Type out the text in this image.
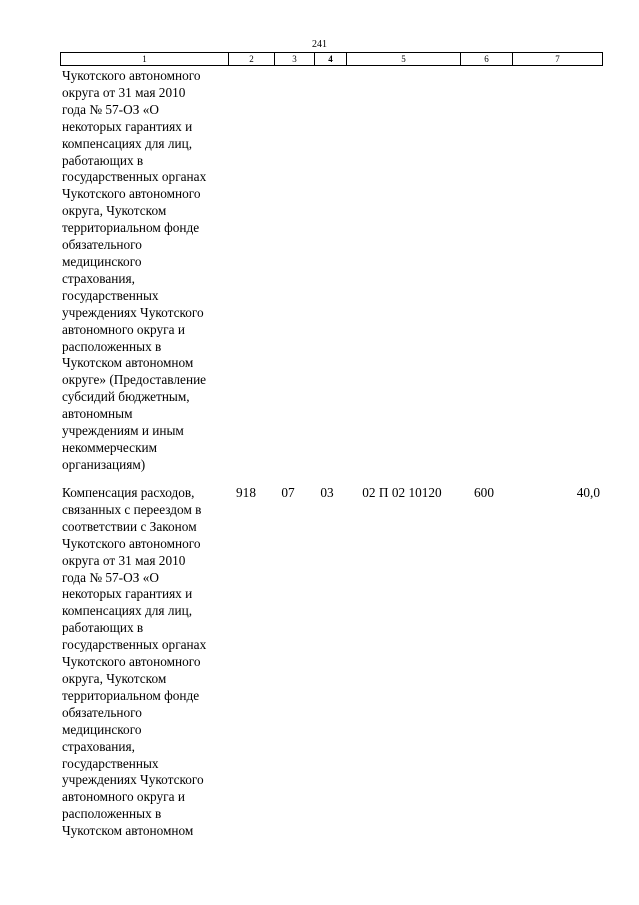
241
1	2	3	4	5	6	7
Чукотского автономного
округа от 31 мая 2010
года № 57-ОЗ «О
некоторых гарантиях и
компенсациях для лиц,
работающих в
государственных органах
Чукотского автономного
округа, Чукотском
территориальном фонде
обязательного
медицинского
страхования,
государственных
учреждениях Чукотского
автономного округа и
расположенных в
Чукотском автономном
округе» (Предоставление
субсидий бюджетным,
автономным
учреждениям и иным
некоммерческим
организациям)
Компенсация расходов,
связанных с переездом в
соответствии с Законом
Чукотского автономного
округа от 31 мая 2010
года № 57-ОЗ «О
некоторых гарантиях и
компенсациях для лиц,
работающих в
государственных органах
Чукотского автономного
округа, Чукотском
территориальном фонде
обязательного
медицинского
страхования,
государственных
учреждениях Чукотского
автономного округа и
расположенных в
Чукотском автономном
918	07	03	02 П 02 10120	600	40,0
